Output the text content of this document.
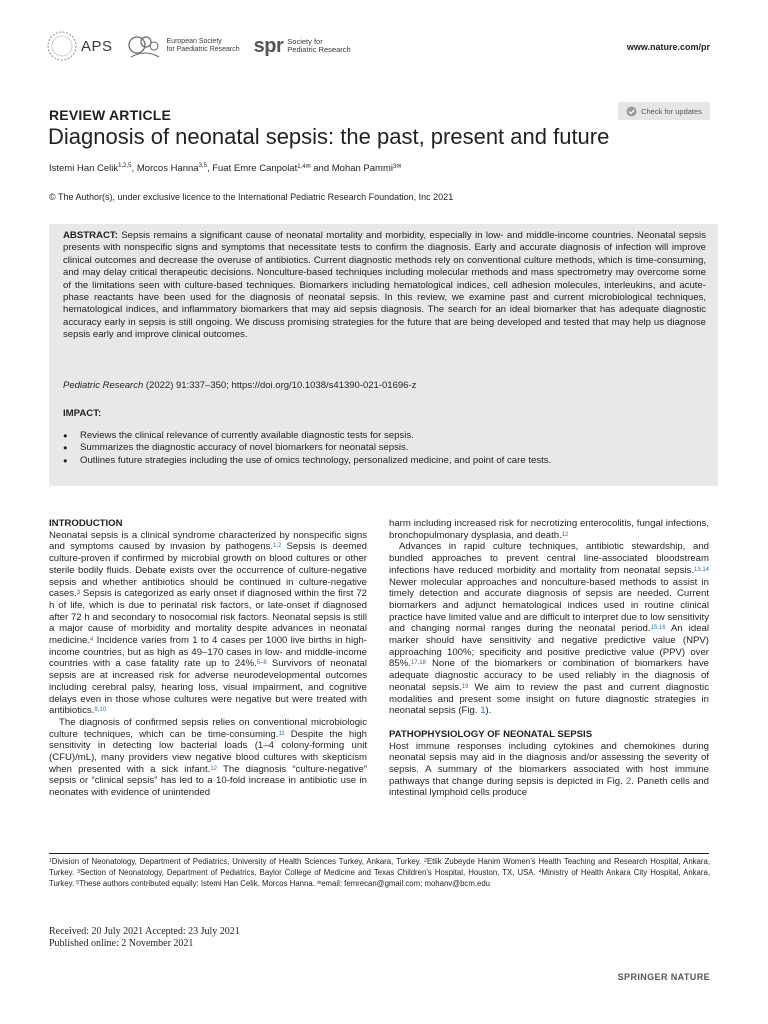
APS	European Society
for Paediatric Research spr Society for
Pediatric Research	www.nature.com/pr
REVIEW ARTICLE	Check for updates
Diagnosis of neonatal sepsis: the past, present and future
Istemi Han Celik$^{1,2,5}$, Morcos Hanna$^{3,5}$, Fuat Emre Canpolat$^{1,4✉}$ and Mohan Pammi$^{3✉}$
© The Author(s), under exclusive licence to the International Pediatric Research Foundation, Inc 2021
ABSTRACT: Sepsis remains a significant cause of neonatal mortality and morbidity, especially in low- and middle-income countries. Neonatal sepsis presents with nonspecific signs and symptoms that necessitate tests to confirm the diagnosis. Early and accurate diagnosis of infection will improve clinical outcomes and decrease the overuse of antibiotics. Current diagnostic methods rely on conventional culture methods, which is time-consuming, and may delay critical therapeutic decisions. Nonculture-based techniques including molecular methods and mass spectrometry may overcome some of the limitations seen with culture-based techniques. Biomarkers including hematological indices, cell adhesion molecules, interleukins, and acute-phase reactants have been used for the diagnosis of neonatal sepsis. In this review, we examine past and current microbiological techniques, hematological indices, and inflammatory biomarkers that may aid sepsis diagnosis. The search for an ideal biomarker that has adequate diagnostic accuracy early in sepsis is still ongoing. We discuss promising strategies for the future that are being developed and tested that may help us diagnose sepsis early and improve clinical outcomes.
Pediatric Research (2022) 91:337–350; https://doi.org/10.1038/s41390-021-01696-z
IMPACT:
● Reviews the clinical relevance of currently available diagnostic tests for sepsis.
● Summarizes the diagnostic accuracy of novel biomarkers for neonatal sepsis.
● Outlines future strategies including the use of omics technology, personalized medicine, and point of care tests.
INTRODUCTION

Neonatal sepsis is a clinical syndrome characterized by nonspecific signs and symptoms caused by invasion by pathogens.$^{1,2}$ Sepsis is deemed culture-proven if confirmed by microbial growth on blood cultures or other sterile bodily fluids. Debate exists over the occurrence of culture-negative sepsis and whether antibiotics should be continued in culture-negative cases.$^3$ Sepsis is categorized as early onset if diagnosed within the first 72 h of life, which is due to perinatal risk factors, or late-onset if diagnosed after 72 h and secondary to nosocomial risk factors. Neonatal sepsis is still a major cause of morbidity and mortality despite advances in neonatal medicine.$^4$ Incidence varies from 1 to 4 cases per 1000 live births in high-income countries, but as high as 49–170 cases in low- and middle-income countries with a case fatality rate up to 24%.$^{5-8}$ Survivors of neonatal sepsis are at increased risk for adverse neurodevelopmental outcomes including cerebral palsy, hearing loss, visual impairment, and cognitive delays even in those whose cultures were negative but were treated with antibiotics.$^{9,10}$

The diagnosis of confirmed sepsis relies on conventional microbiologic culture techniques, which can be time-consuming.$^{11}$ Despite the high sensitivity in detecting low bacterial loads (1–4 colony-forming unit (CFU)/mL), many providers view negative blood cultures with skepticism when presented with a sick infant.$^{12}$ The diagnosis “culture-negative” sepsis or “clinical sepsis” has led to a 10-fold increase in antibiotic use in neonates with evidence of unintended

harm including increased risk for necrotizing enterocolitis, fungal infections, bronchopulmonary dysplasia, and death.$^{12}$

Advances in rapid culture techniques, antibiotic stewardship, and bundled approaches to prevent central line-associated bloodstream infections have reduced morbidity and mortality from neonatal sepsis.$^{13,14}$ Newer molecular approaches and nonculture-based methods to assist in timely detection and accurate diagnosis of sepsis are needed. Current biomarkers and adjunct hematological indices used in routine clinical practice have limited value and are difficult to interpret due to low sensitivity and changing normal ranges during the neonatal period.$^{15,16}$ An ideal marker should have sensitivity and negative predictive value (NPV) approaching 100%; specificity and positive predictive value (PPV) over 85%.$^{17,18}$ None of the biomarkers or combination of biomarkers have adequate diagnostic accuracy to be used reliably in the diagnosis of neonatal sepsis.$^{19}$ We aim to review the past and current diagnostic modalities and present some insight on future diagnostic strategies in neonatal sepsis (Fig. 1).

PATHOPHYSIOLOGY OF NEONATAL SEPSIS

Host immune responses including cytokines and chemokines during neonatal sepsis may aid in the diagnosis and/or assessing the severity of sepsis. A summary of the biomarkers associated with host immune pathways that change during sepsis is depicted in Fig. 2. Paneth cells and intestinal lymphoid cells produce

$^1$Division of Neonatology, Department of Pediatrics, University of Health Sciences Turkey, Ankara, Turkey. $^2$Etlik Zubeyde Hanim Women’s Health Teaching and Research Hospital, Ankara, Turkey. $^3$Section of Neonatology, Department of Pediatrics, Baylor College of Medicine and Texas Children’s Hospital, Houston, TX, USA. $^4$Ministry of Health Ankara City Hospital, Ankara, Turkey. $^5$These authors contributed equally: Istemi Han Celik, Morcos Hanna. ✉email: femrecan@gmail.com; mohanv@bcm.edu
Received: 20 July 2021 Accepted: 23 July 2021
Published online: 2 November 2021
SPRINGER NATURE
